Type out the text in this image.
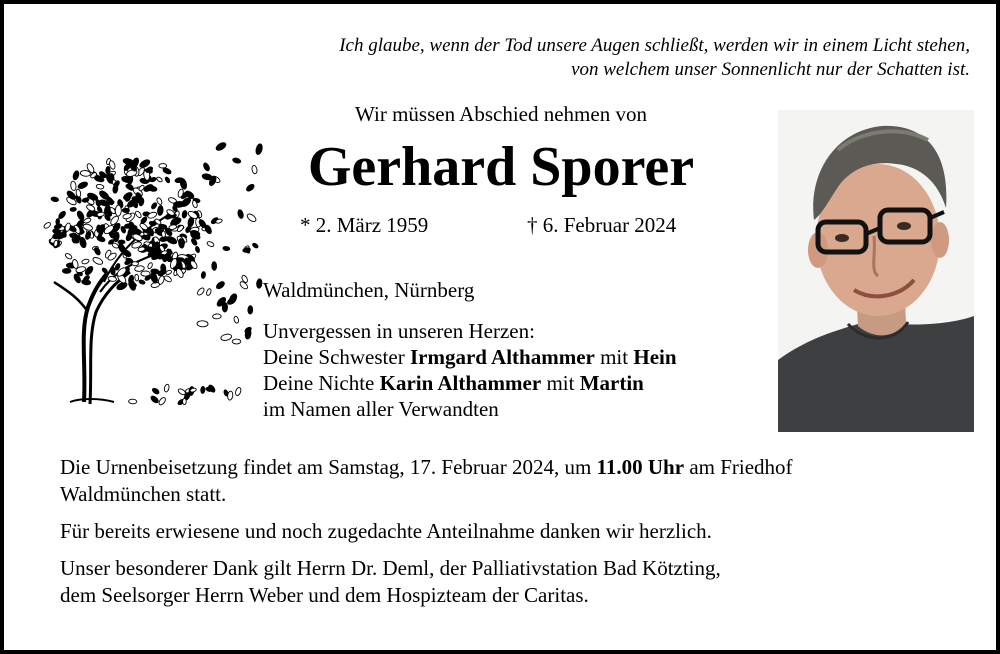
Ich glaube, wenn der Tod unsere Augen schließt, werden wir in einem Licht stehen,
von welchem unser Sonnenlicht nur der Schatten ist.
Wir müssen Abschied nehmen von
Gerhard Sporer
* 2. März 1959	† 6. Februar 2024
Waldmünchen, Nürnberg
Unvergessen in unseren Herzen:
Deine Schwester Irmgard Althammer mit Hein
Deine Nichte Karin Althammer mit Martin
im Namen aller Verwandten

Die Urnenbeisetzung findet am Samstag, 17. Februar 2024, um 11.00 Uhr am Friedhof
Waldmünchen statt.

Für bereits erwiesene und noch zugedachte Anteilnahme danken wir herzlich.

Unser besonderer Dank gilt Herrn Dr. Deml, der Palliativstation Bad Kötzting,
dem Seelsorger Herrn Weber und dem Hospizteam der Caritas.
